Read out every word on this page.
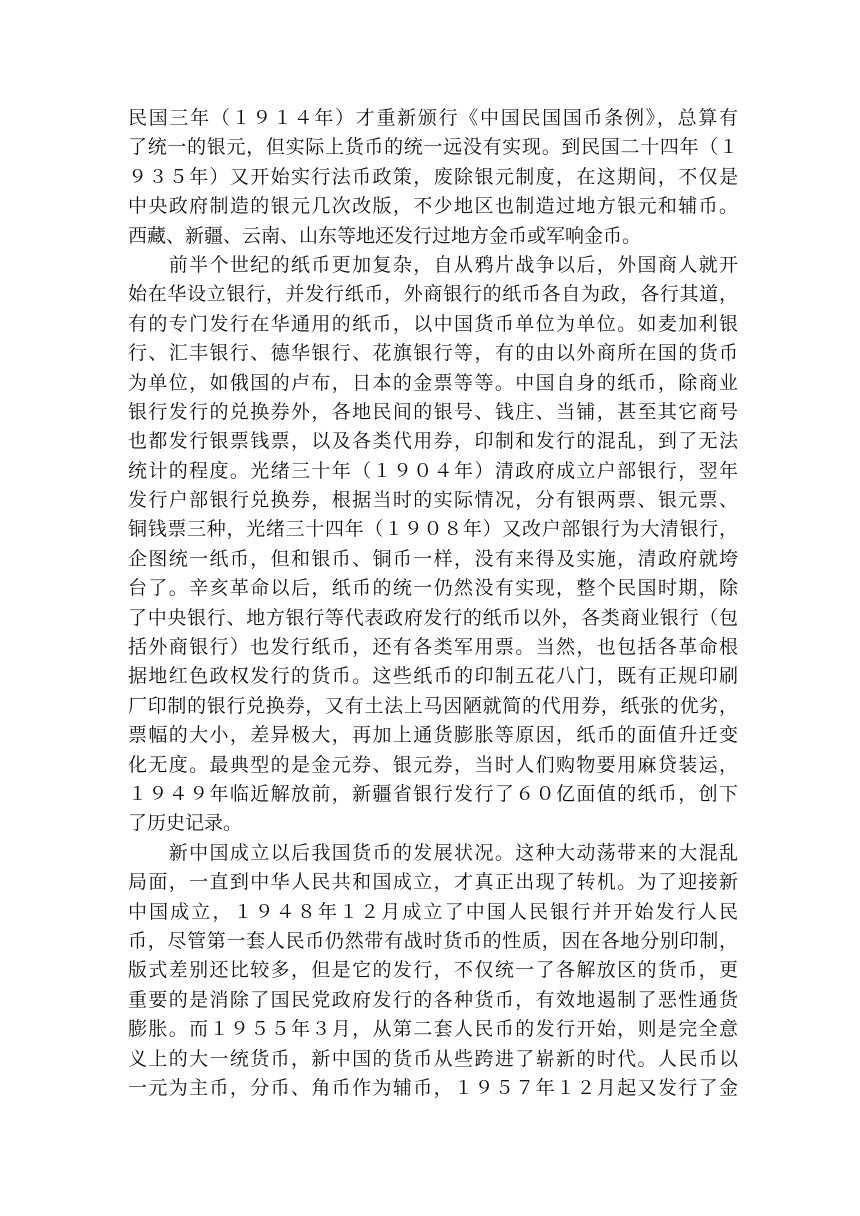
民国三年（１９１４年）才重新颁行《中国民国国币条例》，总算有
了统一的银元，但实际上货币的统一远没有实现。到民国二十四年（１
９３５年）又开始实行法币政策，废除银元制度，在这期间，不仅是
中央政府制造的银元几次改版，不少地区也制造过地方银元和辅币。
西藏、新疆、云南、山东等地还发行过地方金币或军响金币。
　　前半个世纪的纸币更加复杂，自从鸦片战争以后，外国商人就开
始在华设立银行，并发行纸币，外商银行的纸币各自为政，各行其道，
有的专门发行在华通用的纸币，以中国货币单位为单位。如麦加利银
行、汇丰银行、德华银行、花旗银行等，有的由以外商所在国的货币
为单位，如俄国的卢布，日本的金票等等。中国自身的纸币，除商业
银行发行的兑换券外，各地民间的银号、钱庄、当铺，甚至其它商号
也都发行银票钱票，以及各类代用券，印制和发行的混乱，到了无法
统计的程度。光绪三十年（１９０４年）清政府成立户部银行，翌年
发行户部银行兑换券，根据当时的实际情况，分有银两票、银元票、
铜钱票三种，光绪三十四年（１９０８年）又改户部银行为大清银行，
企图统一纸币，但和银币、铜币一样，没有来得及实施，清政府就垮
台了。辛亥革命以后，纸币的统一仍然没有实现，整个民国时期，除
了中央银行、地方银行等代表政府发行的纸币以外，各类商业银行（包
括外商银行）也发行纸币，还有各类军用票。当然，也包括各革命根
据地红色政权发行的货币。这些纸币的印制五花八门，既有正规印刷
厂印制的银行兑换券，又有土法上马因陋就简的代用券，纸张的优劣，
票幅的大小，差异极大，再加上通货膨胀等原因，纸币的面值升迁变
化无度。最典型的是金元券、银元券，当时人们购物要用麻贷装运，
１９４９年临近解放前，新疆省银行发行了６０亿面值的纸币，创下
了历史记录。
　　新中国成立以后我国货币的发展状况。这种大动荡带来的大混乱
局面，一直到中华人民共和国成立，才真正出现了转机。为了迎接新
中国成立，１９４８年１２月成立了中国人民银行并开始发行人民
币，尽管第一套人民币仍然带有战时货币的性质，因在各地分别印制，
版式差别还比较多，但是它的发行，不仅统一了各解放区的货币，更
重要的是消除了国民党政府发行的各种货币，有效地遏制了恶性通货
膨胀。而１９５５年３月，从第二套人民币的发行开始，则是完全意
义上的大一统货币，新中国的货币从些跨进了崭新的时代。人民币以
一元为主币，分币、角币作为辅币，１９５７年１２月起又发行了金
